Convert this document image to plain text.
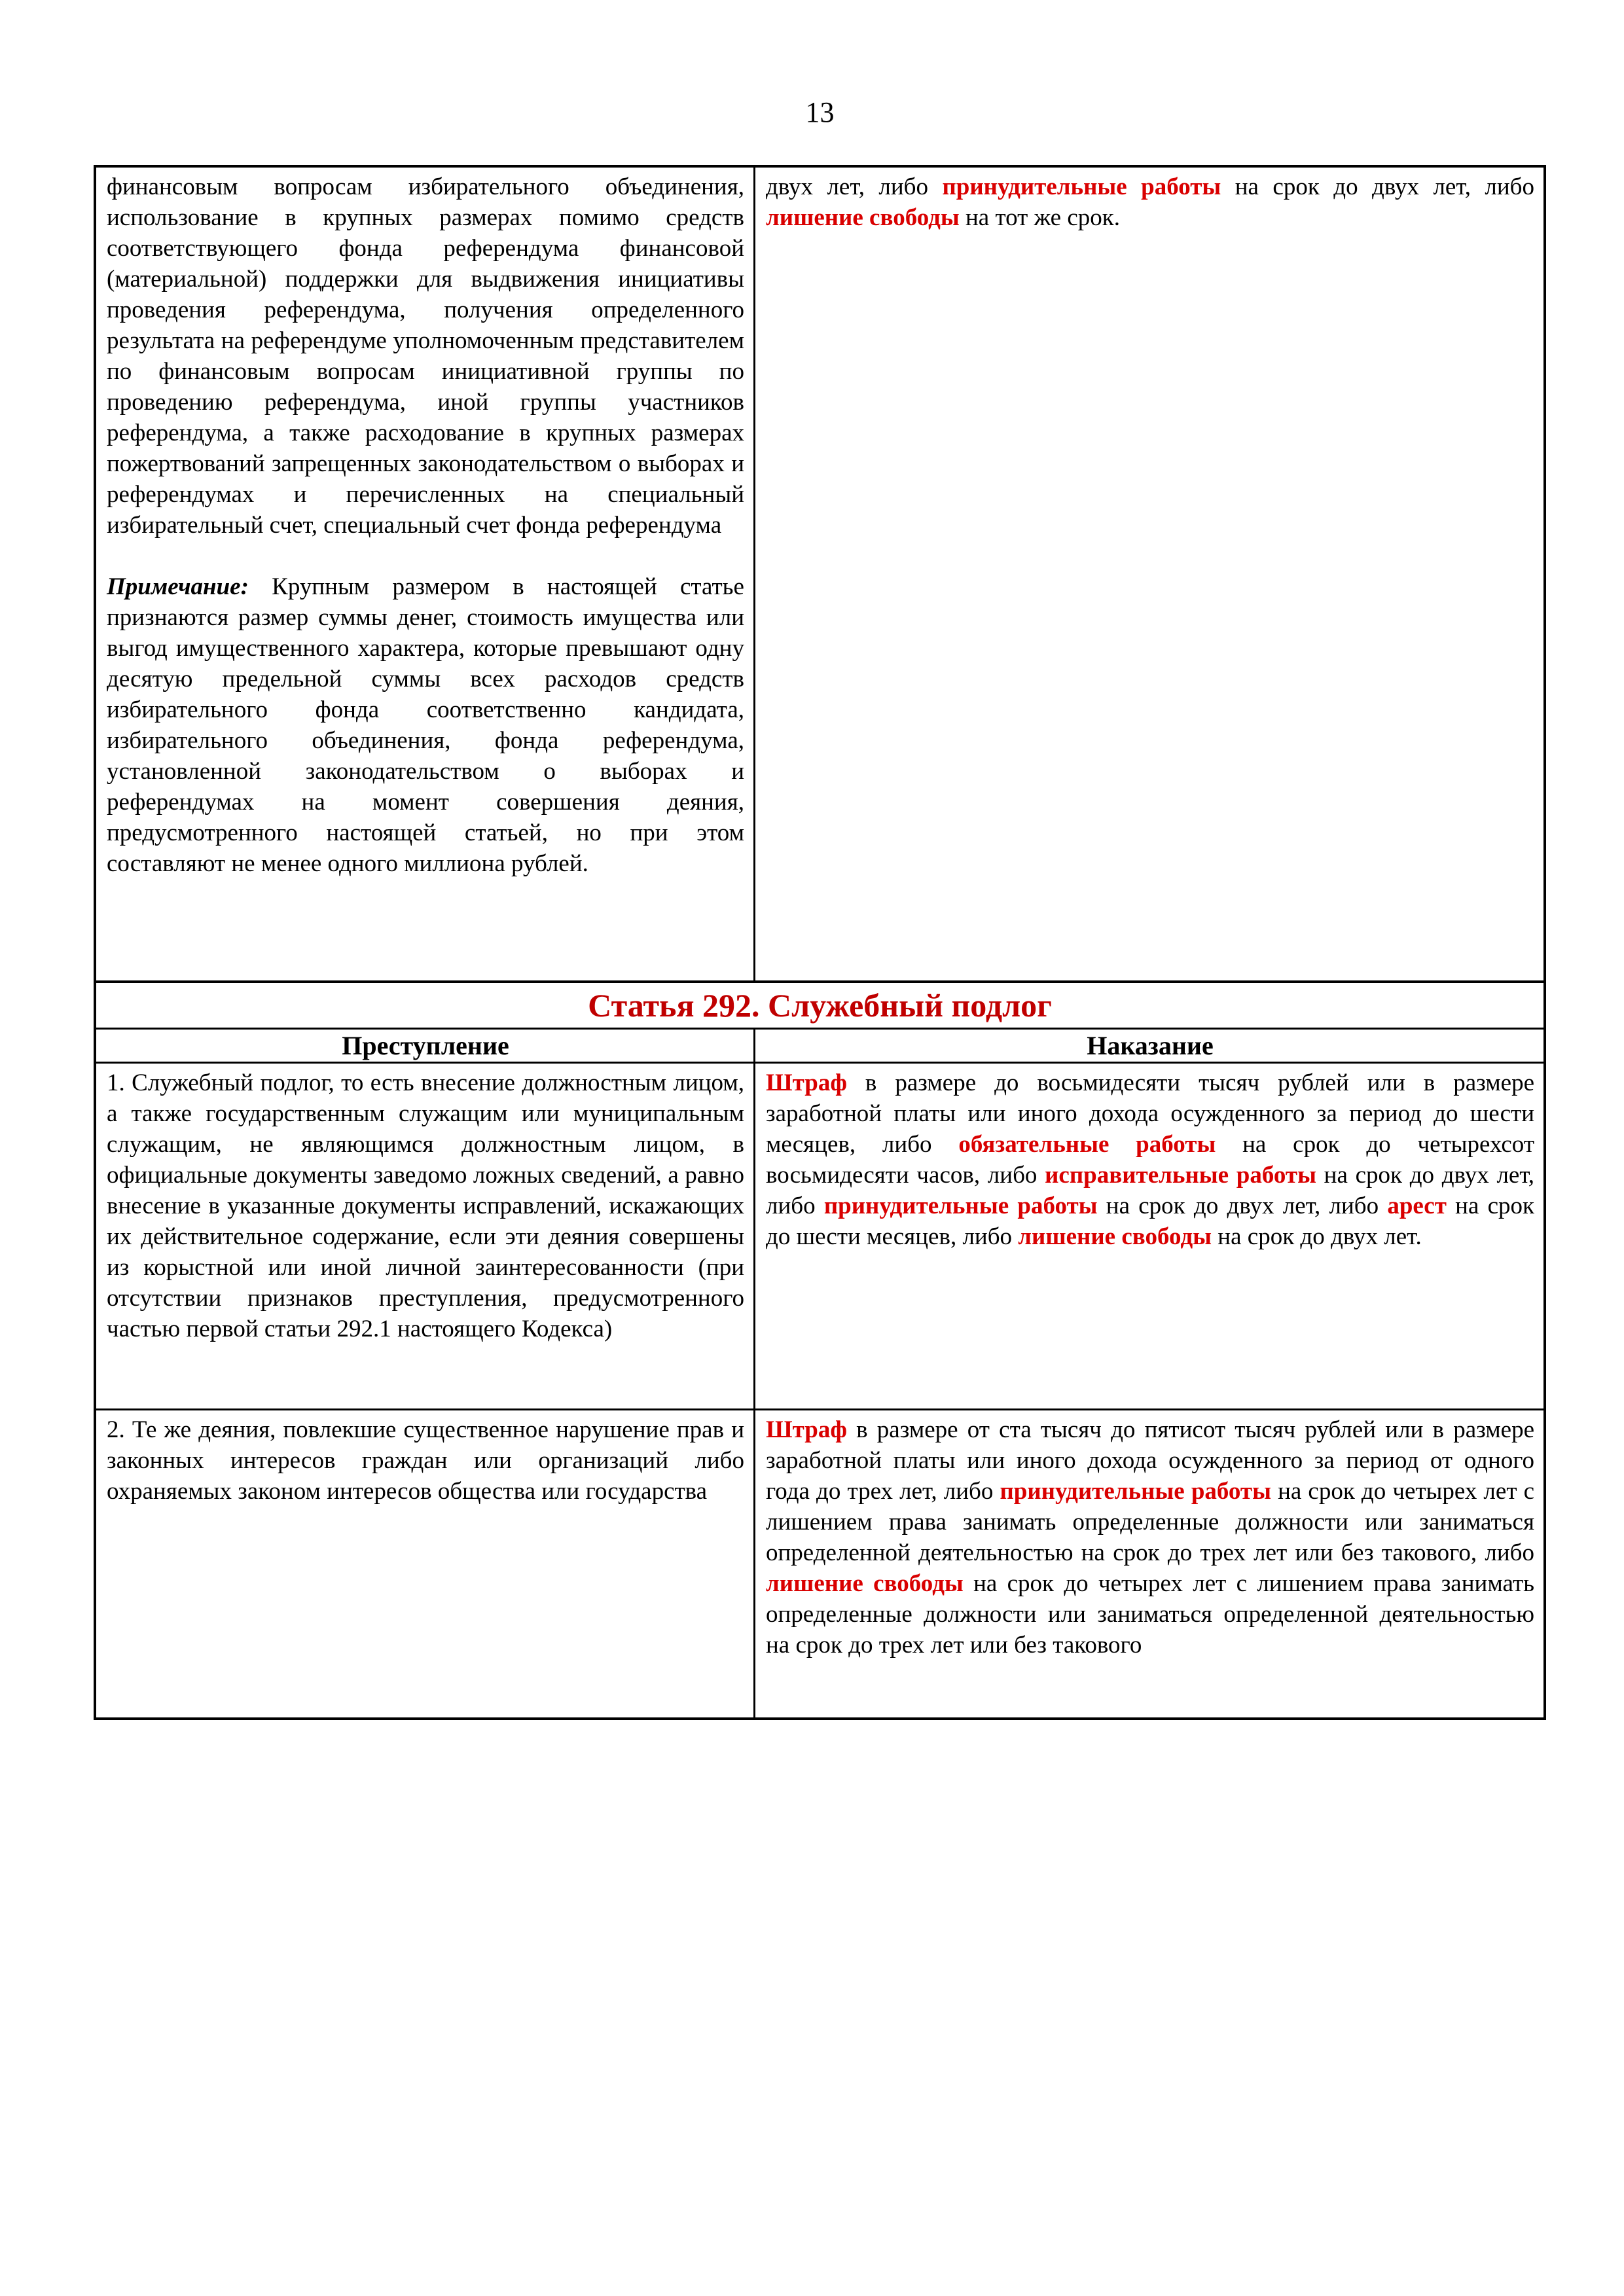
13

финансовым вопросам избирательного объединения, использование в крупных размерах помимо средств соответствующего фонда референдума финансовой (материальной) поддержки для выдвижения инициативы проведения референдума, получения определенного результата на референдуме уполномоченным представителем по финансовым вопросам инициативной группы по проведению референдума, иной группы участников референдума, а также расходование в крупных размерах пожертвований запрещенных законодательством о выборах и референдумах и перечисленных на специальный избирательный счет, специальный счет фонда референдума

Примечание: Крупным размером в настоящей статье признаются размер суммы денег, стоимость имущества или выгод имущественного характера, которые превышают одну десятую предельной суммы всех расходов средств избирательного фонда соответственно кандидата, избирательного объединения, фонда референдума, установленной законодательством о выборах и референдумах на момент совершения деяния, предусмотренного настоящей статьей, но при этом составляют не менее одного миллиона рублей.

двух лет, либо принудительные работы на срок до двух лет, либо лишение свободы на тот же срок.

Статья 292. Служебный подлог
Преступление	Наказание

1. Служебный подлог, то есть внесение должностным лицом, а также государственным служащим или муниципальным служащим, не являющимся должностным лицом, в официальные документы заведомо ложных сведений, а равно внесение в указанные документы исправлений, искажающих их действительное содержание, если эти деяния совершены из корыстной или иной личной заинтересованности (при отсутствии признаков преступления, предусмотренного частью первой статьи 292.1 настоящего Кодекса)

Штраф в размере до восьмидесяти тысяч рублей или в размере заработной платы или иного дохода осужденного за период до шести месяцев, либо обязательные работы на срок до четырехсот восьмидесяти часов, либо исправительные работы на срок до двух лет, либо принудительные работы на срок до двух лет, либо арест на срок до шести месяцев, либо лишение свободы на срок до двух лет.

2. Те же деяния, повлекшие существенное нарушение прав и законных интересов граждан или организаций либо охраняемых законом интересов общества или государства

Штраф в размере от ста тысяч до пятисот тысяч рублей или в размере заработной платы или иного дохода осужденного за период от одного года до трех лет, либо принудительные работы на срок до четырех лет с лишением права занимать определенные должности или заниматься определенной деятельностью на срок до трех лет или без такового, либо лишение свободы на срок до четырех лет с лишением права занимать определенные должности или заниматься определенной деятельностью на срок до трех лет или без такового
